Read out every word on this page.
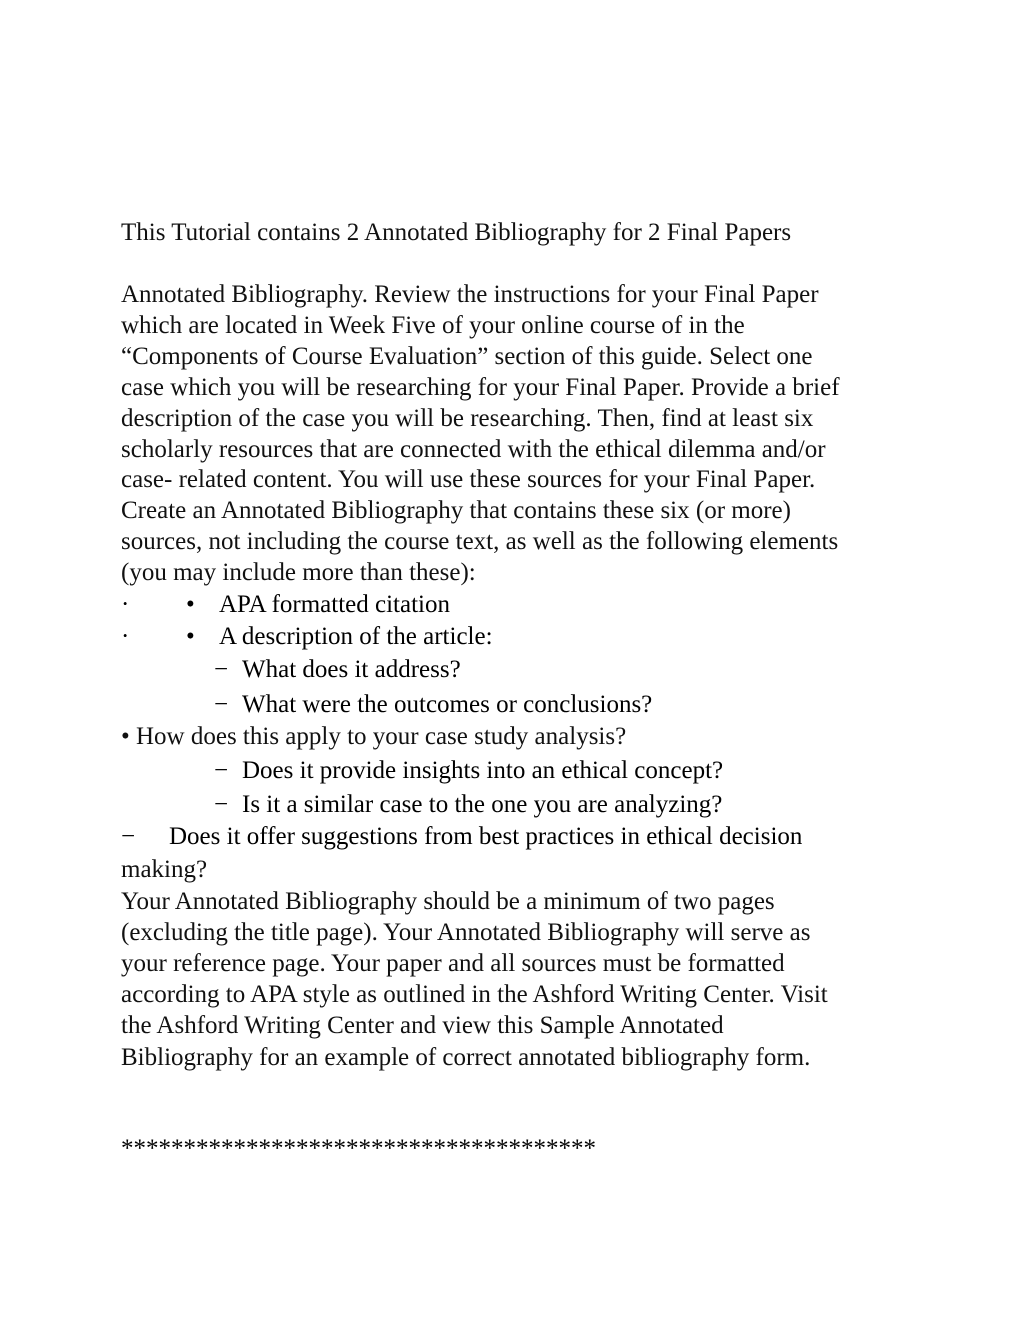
This Tutorial contains 2 Annotated Bibliography for 2 Final Papers
Annotated Bibliography. Review the instructions for your Final Paper
which are located in Week Five of your online course of in the
“Components of Course Evaluation” section of this guide. Select one
case which you will be researching for your Final Paper. Provide a brief
description of the case you will be researching. Then, find at least six
scholarly resources that are connected with the ethical dilemma and/or
case- related content. You will use these sources for your Final Paper.
Create an Annotated Bibliography that contains these six (or more)
sources, not including the course text, as well as the following elements
(you may include more than these):
· • APA formatted citation
· • A description of the article:
− What does it address?
− What were the outcomes or conclusions?
• How does this apply to your case study analysis?
− Does it provide insights into an ethical concept?
− Is it a similar case to the one you are analyzing?
− Does it offer suggestions from best practices in ethical decision
making?
Your Annotated Bibliography should be a minimum of two pages
(excluding the title page). Your Annotated Bibliography will serve as
your reference page. Your paper and all sources must be formatted
according to APA style as outlined in the Ashford Writing Center. Visit
the Ashford Writing Center and view this Sample Annotated
Bibliography for an example of correct annotated bibliography form.
**************************************
